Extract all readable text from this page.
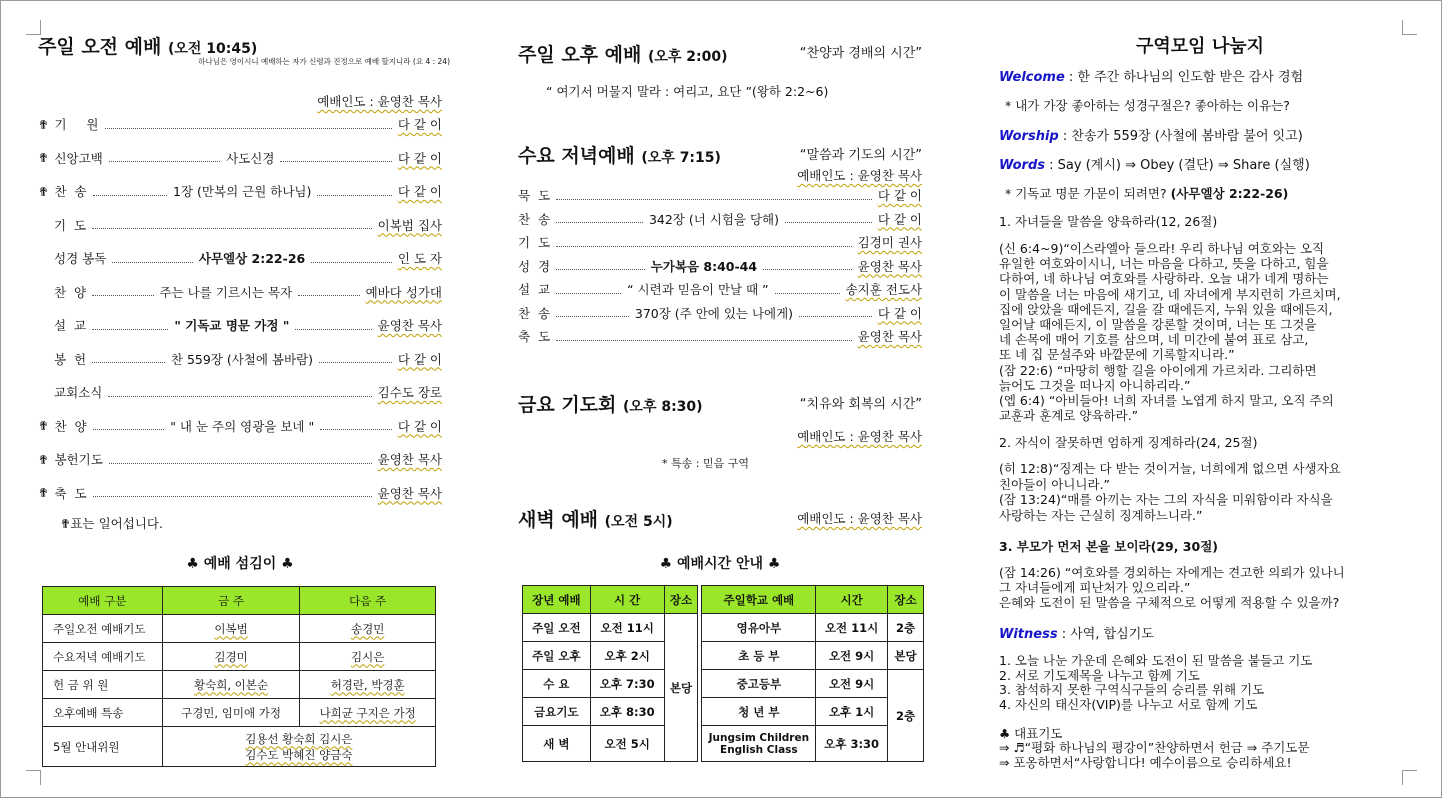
주일 오전 예배 (오전 10:45)
하나님은 영이시니 예배하는 자가 신령과 진정으로 예배 할지니라 (요 4 : 24)
예배인도 : 윤영찬 목사
✟ 기     원	다 같 이
✟ 신앙고백	사도신경	다 같 이
✟ 찬  송	1장 (만복의 근원 하나님)	다 같 이
기  도	이복범 집사
성경 봉독	사무엘상 2:22-26	인 도 자
찬  양	주는 나를 기르시는 목자	예바다 성가대
설  교	" 기독교 명문 가정 "	윤영찬 목사
봉  헌	찬 559장 (사철에 봄바람)	다 같 이
교회소식	김수도 장로
✟ 찬  양	" 내 눈 주의 영광을 보네 "	다 같 이
✟ 봉헌기도	윤영찬 목사
✟ 축  도	윤영찬 목사
✟표는 일어섭니다.
♣ 예배 섬김이 ♣
예배 구분	금 주	다음 주
주일오전 예배기도	이복범	송경민
수요저녁 예배기도	김경미	김시은
헌 금 위 원	황숙희, 이본순	허경란, 박경훈
오후예배 특송	구경민, 임미애 가정	나희균 구지은 가정
5월 안내위원	김용선 황숙희 김시은
김수도 박혜진 양금숙	
주일 오후 예배 (오후 2:00)	“찬양과 경배의 시간”
“ 여기서 머물지 말라 : 여리고, 요단 ”(왕하 2:2~6)
수요 저녁예배 (오후 7:15)	“말씀과 기도의 시간”
예배인도 : 윤영찬 목사
묵  도	다 같 이
찬  송	342장 (너 시험을 당해)	다 같 이
기  도	김경미 권사
성  경	누가복음 8:40-44	윤영찬 목사
설  교	“ 시련과 믿음이 만날 때 ”	송지훈 전도사
찬  송	370장 (주 안에 있는 나에게)	다 같 이
축  도	윤영찬 목사
금요 기도회 (오후 8:30)	“치유와 회복의 시간”
예배인도 : 윤영찬 목사
* 특송 : 믿음 구역
새벽 예배 (오전 5시)	예배인도 : 윤영찬 목사
♣ 예배시간 안내 ♣
장년 예배	시 간	장소		주일학교 예배	시간	장소
주일 오전	오전 11시	본당		영유아부	오전 11시	2층
주일 오후	오후 2시			초 등 부	오전 9시	본당
수 요	오후 7:30			중고등부	오전 9시	2층
금요기도	오후 8:30			청 년 부	오후 1시	
새 벽	오전 5시			Jungsim Children English Class	오후 3:30	
구역모임 나눔지
Welcome : 한 주간 하나님의 인도함 받은 감사 경험
* 내가 가장 좋아하는 성경구절은? 좋아하는 이유는?
Worship : 찬송가 559장 (사철에 봄바람 불어 잇고)
Words : Say (계시) ⇒ Obey (결단) ⇒ Share (실행)
* 기독교 명문 가문이 되려면? (사무엘상 2:22-26)
1. 자녀들을 말씀을 양육하라(12, 26절)
(신 6:4~9)“이스라엘아 들으라! 우리 하나님 여호와는 오직
유일한 여호와이시니, 너는 마음을 다하고, 뜻을 다하고, 힘을
다하여, 네 하나님 여호와를 사랑하라. 오늘 내가 네게 명하는
이 말씀을 너는 마음에 새기고, 네 자녀에게 부지런히 가르치며,
집에 앉았을 때에든지, 길을 갈 때에든지, 누워 있을 때에든지,
일어날 때에든지, 이 말씀을 강론할 것이며, 너는 또 그것을
네 손목에 매어 기호를 삼으며, 네 미간에 붙여 표로 삼고,
또 네 집 문설주와 바깥문에 기록할지니라.”
(잠 22:6) “마땅히 행할 길을 아이에게 가르치라. 그리하면
늙어도 그것을 떠나지 아니하리라.”
(엡 6:4) “아비들아! 너희 자녀를 노엽게 하지 말고, 오직 주의
교훈과 훈계로 양육하라.”
2. 자식이 잘못하면 엄하게 징계하라(24, 25절)
(히 12:8)“징계는 다 받는 것이거늘, 너희에게 없으면 사생자요
친아들이 아니니라.”
(잠 13:24)“매를 아끼는 자는 그의 자식을 미워함이라 자식을
사랑하는 자는 근실히 징계하느니라.”
3. 부모가 먼저 본을 보이라(29, 30절)
(잠 14:26) “여호와를 경외하는 자에게는 견고한 의뢰가 있나니
그 자녀들에게 피난처가 있으리라.”
은혜와 도전이 된 말씀을 구체적으로 어떻게 적용할 수 있을까?
Witness : 사역, 합심기도
1. 오늘 나눈 가운데 은혜와 도전이 된 말씀을 붙들고 기도
2. 서로 기도제목을 나누고 함께 기도
3. 참석하지 못한 구역식구들의 승리를 위해 기도
4. 자신의 태신자(VIP)를 나누고 서로 함께 기도
♣ 대표기도
⇒ ♬“평화 하나님의 평강이”찬양하면서 헌금 ⇒ 주기도문
⇒ 포옹하면서“사랑합니다! 예수이름으로 승리하세요!
